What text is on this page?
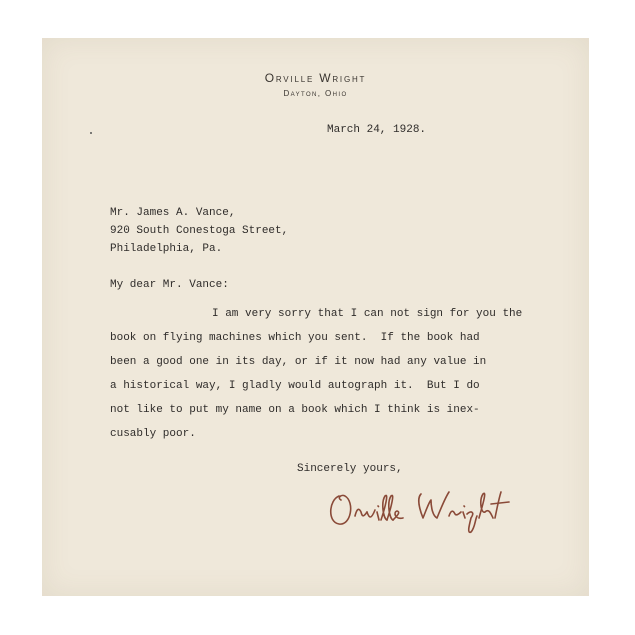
Orville Wright
Dayton, Ohio
March 24, 1928.
Mr. James A. Vance,
920 South Conestoga Street,
Philadelphia, Pa.
My dear Mr. Vance:
I am very sorry that I can not sign for you the
book on flying machines which you sent.  If the book had
been a good one in its day, or if it now had any value in
a historical way, I gladly would autograph it.  But I do
not like to put my name on a book which I think is inex-
cusably poor.
Sincerely yours,
